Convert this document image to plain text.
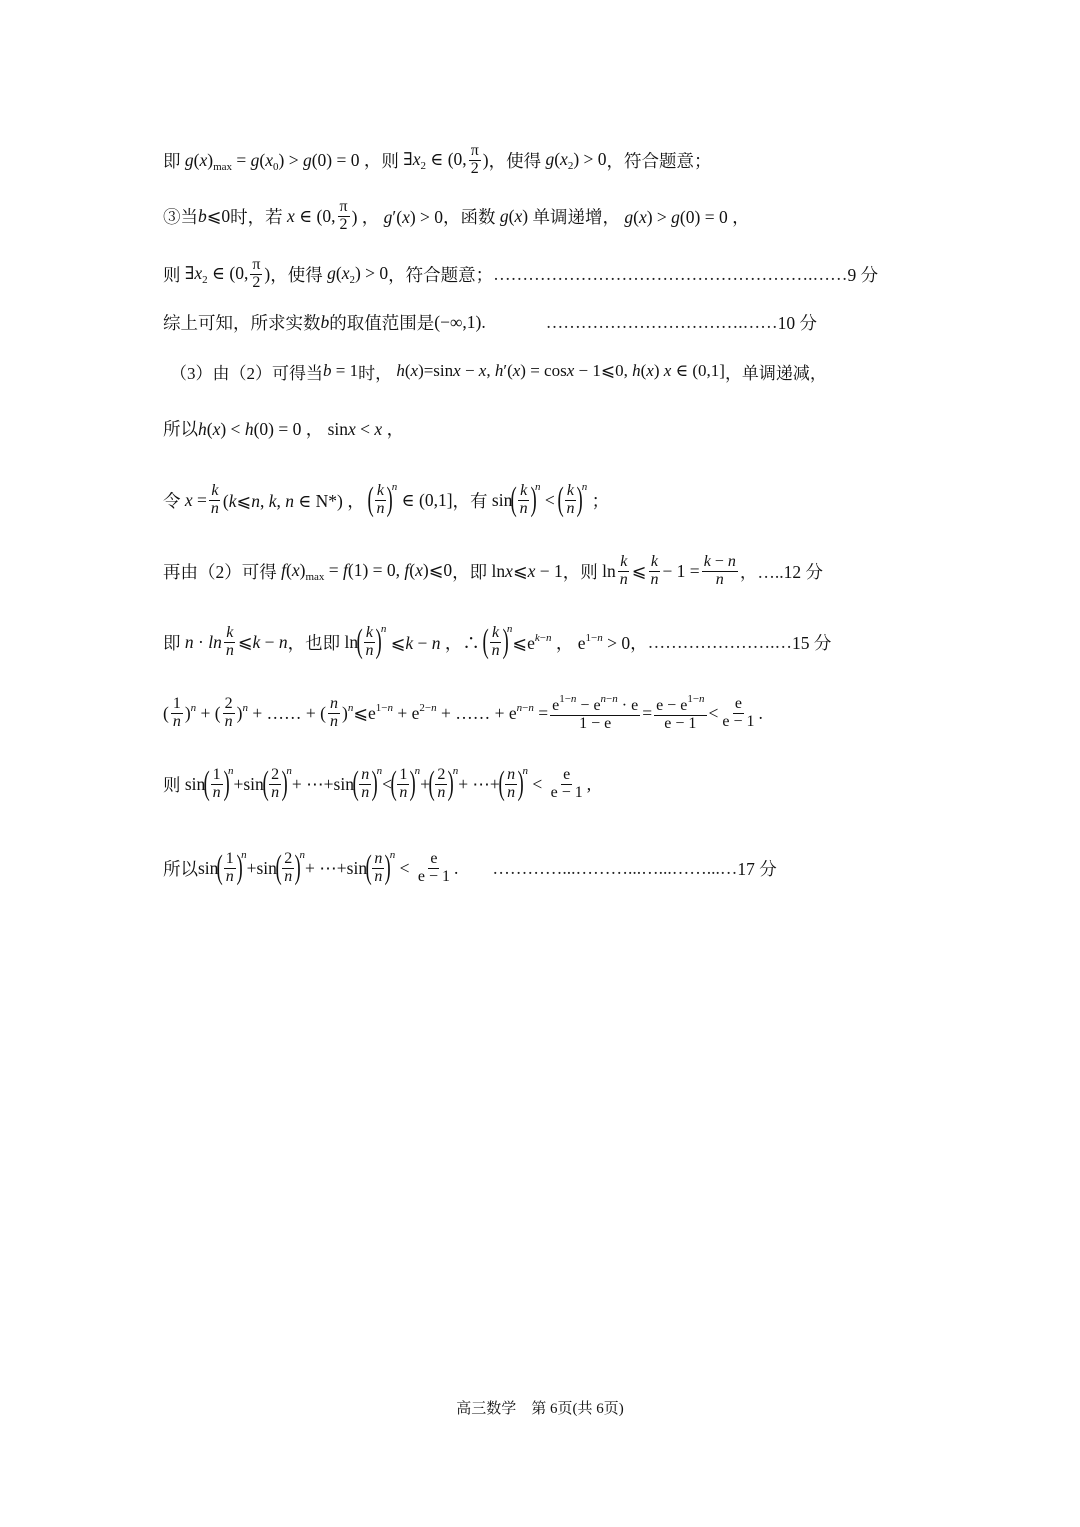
即 $g(x)_{max} = g(x_0) > g(0) = 0$ ， 则 $\exists x_2$ ∈ (0, $\frac{\pi}{2}$ ) ，使得 $g(x_2) > 0$ ，符合题意；
③当 b⩽0 时，若 x ∈ (0, $\frac{\pi}{2}$ ) ， g′(x) > 0 ，函数 g(x) 单调递增， g(x) > g(0) = 0 ，
则 $\exists x_2$ ∈ (0, $\frac{\pi}{2}$ ) ，使得 $g(x_2) > 0$ ，符合题意； ……………………………………………….…… 9 分
综上可知，所求实数 b 的取值范围是 (−∞,1).	…………………………….…… 10 分
（3）由（2）可得当 b = 1 时， h(x)=sinx − x, h′(x) = cosx − 1⩽0, h(x) x ∈ (0,1] ，单调递减，
所以 h(x) < h(0) = 0 ， sinx < x ，
令 $x = \frac{k}{n}$ (k⩽n, k, n ∈ N*) ，
( $\frac{k}{n}$ )
n
∈ (0,1] ，有 sin
( $\frac{k}{n}$ )
n
<
( $\frac{k}{n}$ )
n
；
再由（2）可得 $f(x)_{max} = f(1) = 0$, f(x)⩽0 ，即 lnx⩽x − 1 ，则 $\ln \frac{k}{n}$ ⩽ $\frac{k}{n} - 1 = \frac{k - n}{n}$ ，….. 12 分
即 $n \cdot \ln \frac{k}{n}$ ⩽k − n ，也即 ln
( $\frac{k}{n}$ )
n
⩽k − n ，∴
( $\frac{k}{n}$ )
n
$⩽e^{k-n}$ ， $e^{1-n} > 0$ ， ………………….… 15 分
( $\frac{1}{n} )^n$ + ( $\frac{2}{n} )^n$ + …… + ( $\frac{n}{n}$ )$^n⩽e^{1-n} + e^{2-n}$ + …… + $e^{n-n} = \frac{e^{1-n} - e^{n-n} \cdot e}{1 - e} = \frac{e - e^{1-n}}{e - 1} < \frac{e}{e - 1}$ .
则 sin
( $\frac{1}{n}$ )
n
+sin
( $\frac{2}{n}$ )
n
+ ⋯+sin
( $\frac{n}{n}$ )
n
<
( $\frac{1}{n}$ )
n
+
( $\frac{2}{n}$ )
n
+ ⋯+
( $\frac{n}{n}$ )
n
< $\frac{e}{e - 1}$ ,
所以 sin
( $\frac{1}{n}$ )
n
+sin
( $\frac{2}{n}$ )
n
+ ⋯+sin
( $\frac{n}{n}$ )
n
< $\frac{e}{e - 1}$ . …………...………...…...……...… 17 分
高三数学　第 6页(共 6页)
